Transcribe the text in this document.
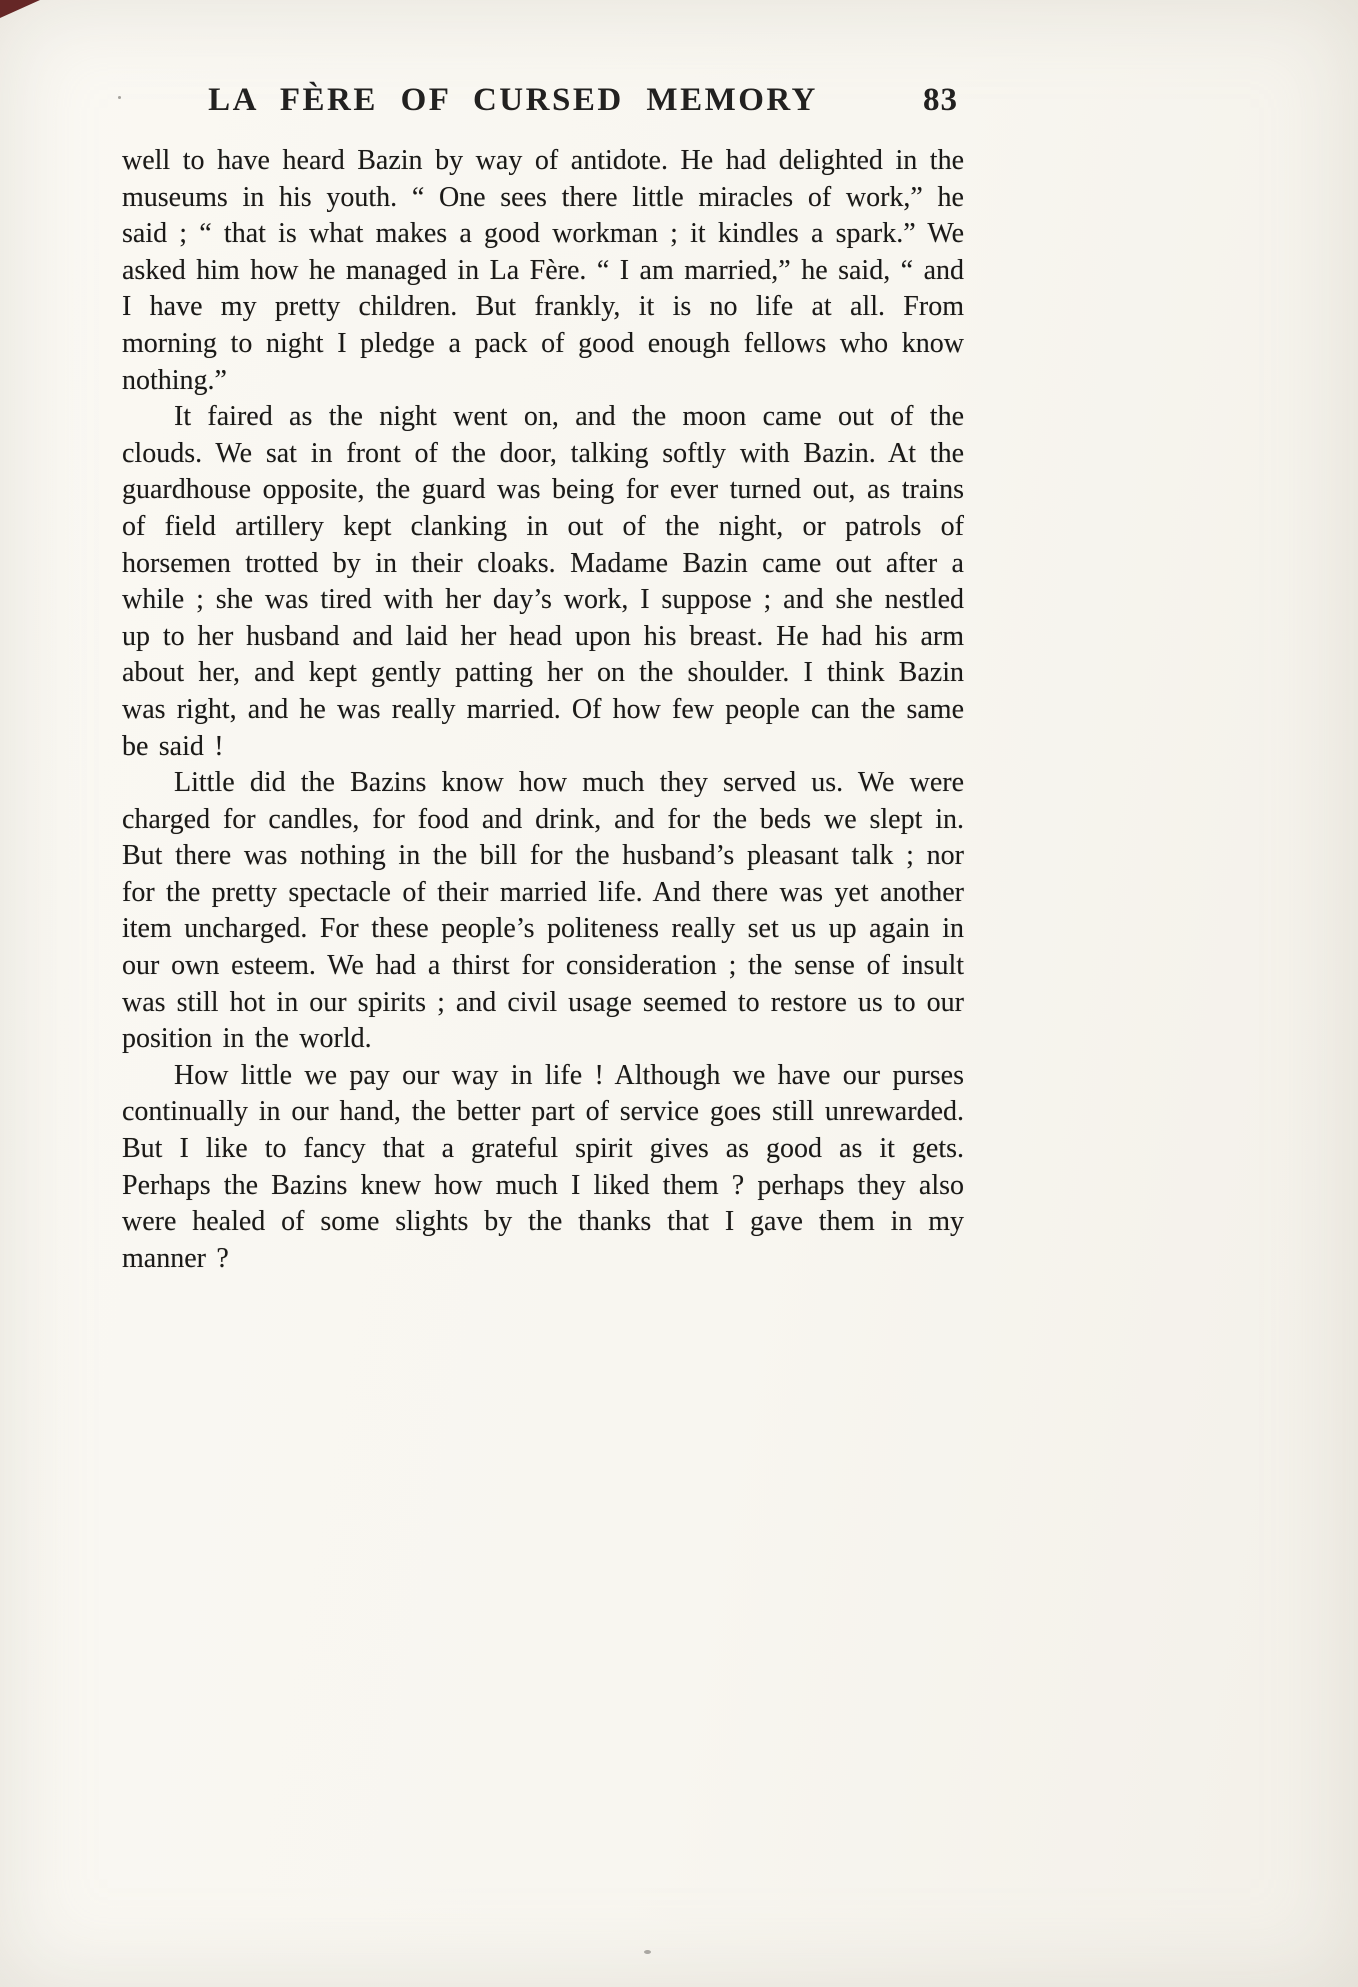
LA FÈRE OF CURSED MEMORY	83

well to have heard Bazin by way of antidote. He had delighted in the museums in his youth. “ One sees there little miracles of work,” he said ; “ that is what makes a good workman ; it kindles a spark.” We asked him how he managed in La Fère. “ I am married,” he said, “ and I have my pretty children. But frankly, it is no life at all. From morning to night I pledge a pack of good enough fellows who know nothing.”

It faired as the night went on, and the moon came out of the clouds. We sat in front of the door, talking softly with Bazin. At the guardhouse opposite, the guard was being for ever turned out, as trains of field artillery kept clanking in out of the night, or patrols of horsemen trotted by in their cloaks. Madame Bazin came out after a while ; she was tired with her day’s work, I suppose ; and she nestled up to her husband and laid her head upon his breast. He had his arm about her, and kept gently patting her on the shoulder. I think Bazin was right, and he was really married. Of how few people can the same be said !

Little did the Bazins know how much they served us. We were charged for candles, for food and drink, and for the beds we slept in. But there was nothing in the bill for the husband’s pleasant talk ; nor for the pretty spectacle of their married life. And there was yet another item uncharged. For these people’s politeness really set us up again in our own esteem. We had a thirst for consideration ; the sense of insult was still hot in our spirits ; and civil usage seemed to restore us to our position in the world.

How little we pay our way in life ! Although we have our purses continually in our hand, the better part of service goes still unrewarded. But I like to fancy that a grateful spirit gives as good as it gets. Perhaps the Bazins knew how much I liked them ? perhaps they also were healed of some slights by the thanks that I gave them in my manner ?
